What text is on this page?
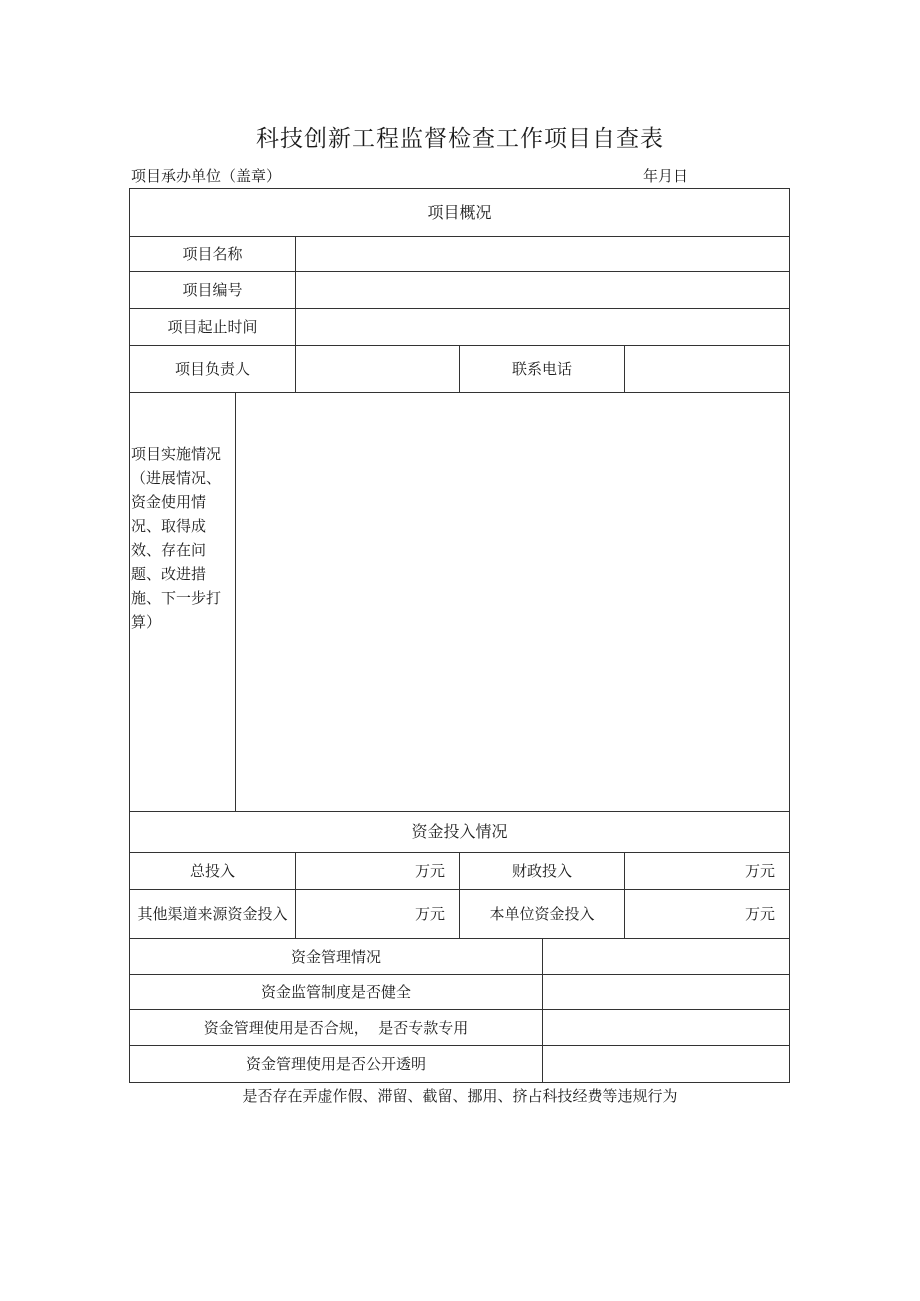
科技创新工程监督检查工作项目自查表
项目承办单位（盖章）	年月日
项目概况
项目名称
项目编号
项目起止时间
项目负责人	联系电话
项目实施情况（进展情况、资金使用情况、取得成效、存在问题、改进措施、下一步打算）
资金投入情况
总投入	万元	财政投入	万元
其他渠道来源资金投入	万元	本单位资金投入	万元
资金管理情况
资金监管制度是否健全
资金管理使用是否合规，  是否专款专用
资金管理使用是否公开透明
是否存在弄虚作假、滞留、截留、挪用、挤占科技经费等违规行为
